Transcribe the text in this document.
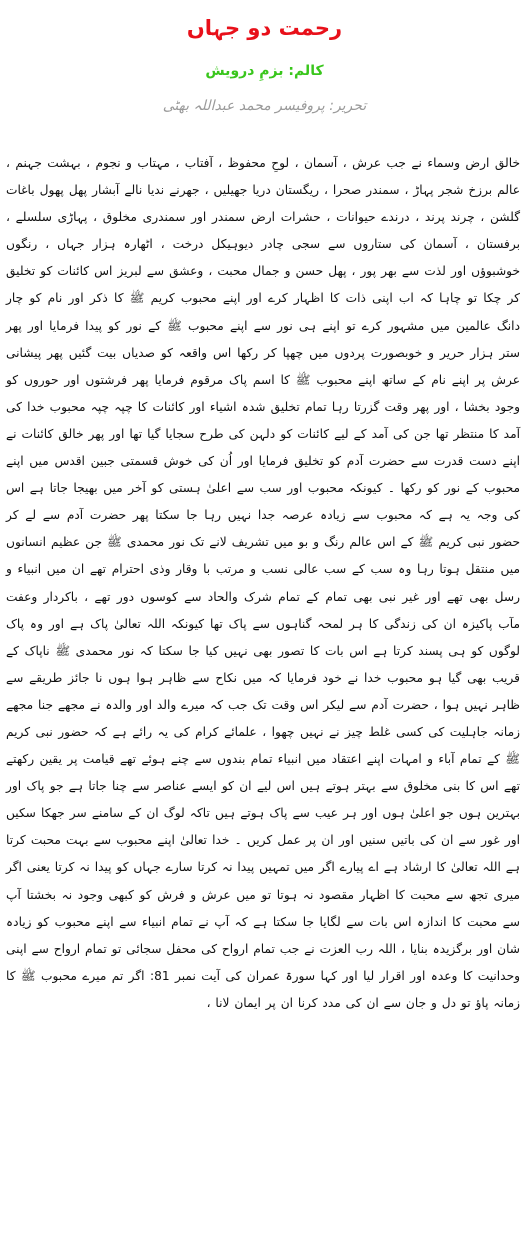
رحمت دو جہاں
کالم: بزمِ درویش
تحریر: پروفیسر محمد عبداللہ بھٹی
خالق ارض وسماء نے جب عرش ، آسمان ، لوحِ محفوظ ، آفتاب ، مہتاب و نجوم ، بہشت جہنم ، عالم برزخ شجر پہاڑ ، سمندر صحرا ، ریگستان دریا جھیلیں ، جھرنے ندیا نالے آبشار پھل پھول باغات گلشن ، چرند پرند ، درندے حیوانات ، حشرات ارض سمندر اور سمندری مخلوق ، پہاڑی سلسلے ، برفستان ، آسمان کی ستاروں سے سجی چادر دیوہیکل درخت ، اٹھارہ ہزار جہاں ، رنگوں خوشبوؤں اور لذت سے بھر پور ، پھل حسن و جمال محبت ، وعشق سے لبریز اس کائنات کو تخلیق کر چکا تو چاہا کہ اب اپنی ذات کا اظہار کرے اور اپنے محبوب کریم ﷺ کا ذکر اور نام کو چار دانگ عالمین میں مشہور کرے تو اپنے ہی نور سے اپنے محبوب ﷺ کے نور کو پیدا فرمایا اور پھر ستر ہزار حریر و خوبصورت پردوں میں چھپا کر رکھا اس واقعہ کو صدیاں بیت گئیں پھر پیشانی عرش پر اپنے نام کے ساتھ اپنے محبوب ﷺ کا اسم پاک مرقوم فرمایا پھر فرشتوں اور حوروں کو وجود بخشا ، اور پھر وقت گزرتا رہا تمام تخلیق شدہ اشیاء اور کائنات کا چپہ چپہ محبوب خدا کی آمد کا منتظر تھا جن کی آمد کے لیے کائنات کو دلہن کی طرح سجایا گیا تھا اور پھر خالق کائنات نے اپنے دست قدرت سے حضرت آدم کو تخلیق فرمایا اور اُن کی خوش قسمتی جبین اقدس میں اپنے محبوب کے نور کو رکھا ۔ کیونکہ محبوب اور سب سے اعلیٰ ہستی کو آخر میں بھیجا جاتا ہے اس کی وجہ یہ ہے کہ محبوب سے زیادہ عرصہ جدا نہیں رہا جا سکتا پھر حضرت آدم سے لے کر حضور نبی کریم ﷺ کے اس عالم رنگ و بو میں تشریف لانے تک نور محمدی ﷺ جن عظیم انسانوں میں منتقل ہوتا رہا وہ سب کے سب عالی نسب و مرتب با وقار وذی احترام تھے ان میں انبیاء و رسل بھی تھے اور غیر نبی بھی تمام کے تمام شرک والحاد سے کوسوں دور تھے ، باکردار وعفت مآب پاکیزہ ان کی زندگی کا ہر لمحہ گناہوں سے پاک تھا کیونکہ اللہ تعالیٰ پاک ہے اور وہ پاک لوگوں کو ہی پسند کرتا ہے اس بات کا تصور بھی نہیں کیا جا سکتا کہ نور محمدی ﷺ ناپاک کے قریب بھی گیا ہو محبوب خدا نے خود فرمایا کہ میں نکاح سے ظاہر ہوا ہوں نا جائز طریقے سے ظاہر نہیں ہوا ، حضرت آدم سے لیکر اس وقت تک جب کہ میرے والد اور والدہ نے مجھے جنا مجھے زمانہ جاہلیت کی کسی غلط چیز نے نہیں چھوا ، علمائے کرام کی یہ رائے ہے کہ حضور نبی کریم ﷺ کے تمام آباء و امہات اپنے اعتقاد میں انبیاء تمام بندوں سے چنے ہوئے تھے قیامت پر یقین رکھتے تھے اس کا بنی مخلوق سے بہتر ہوتے ہیں اس لیے ان کو ایسے عناصر سے چنا جاتا ہے جو پاک اور بہترین ہوں جو اعلیٰ ہوں اور ہر عیب سے پاک ہوتے ہیں تاکہ لوگ ان کے سامنے سر جھکا سکیں اور غور سے ان کی باتیں سنیں اور ان پر عمل کریں ۔ خدا تعالیٰ اپنے محبوب سے بہت محبت کرتا ہے اللہ تعالیٰ کا ارشاد ہے اے پیارے اگر میں تمہیں پیدا نہ کرتا سارے جہاں کو پیدا نہ کرتا یعنی اگر میری تجھ سے محبت کا اظہار مقصود نہ ہوتا تو میں عرش و فرش کو کبھی وجود نہ بخشتا آپ سے محبت کا اندازہ اس بات سے لگایا جا سکتا ہے کہ آپ نے تمام انبیاء سے اپنے محبوب کو زیادہ شان اور برگزیدہ بنایا ، اللہ رب العزت نے جب تمام ارواح کی محفل سجائی تو تمام ارواح سے اپنی وحدانیت کا وعدہ اور اقرار لیا اور کہا سورۃ عمران کی آیت نمبر 81: اگر تم میرے محبوب ﷺ کا زمانہ پاؤ تو دل و جان سے ان کی مدد کرنا ان پر ایمان لانا ،
